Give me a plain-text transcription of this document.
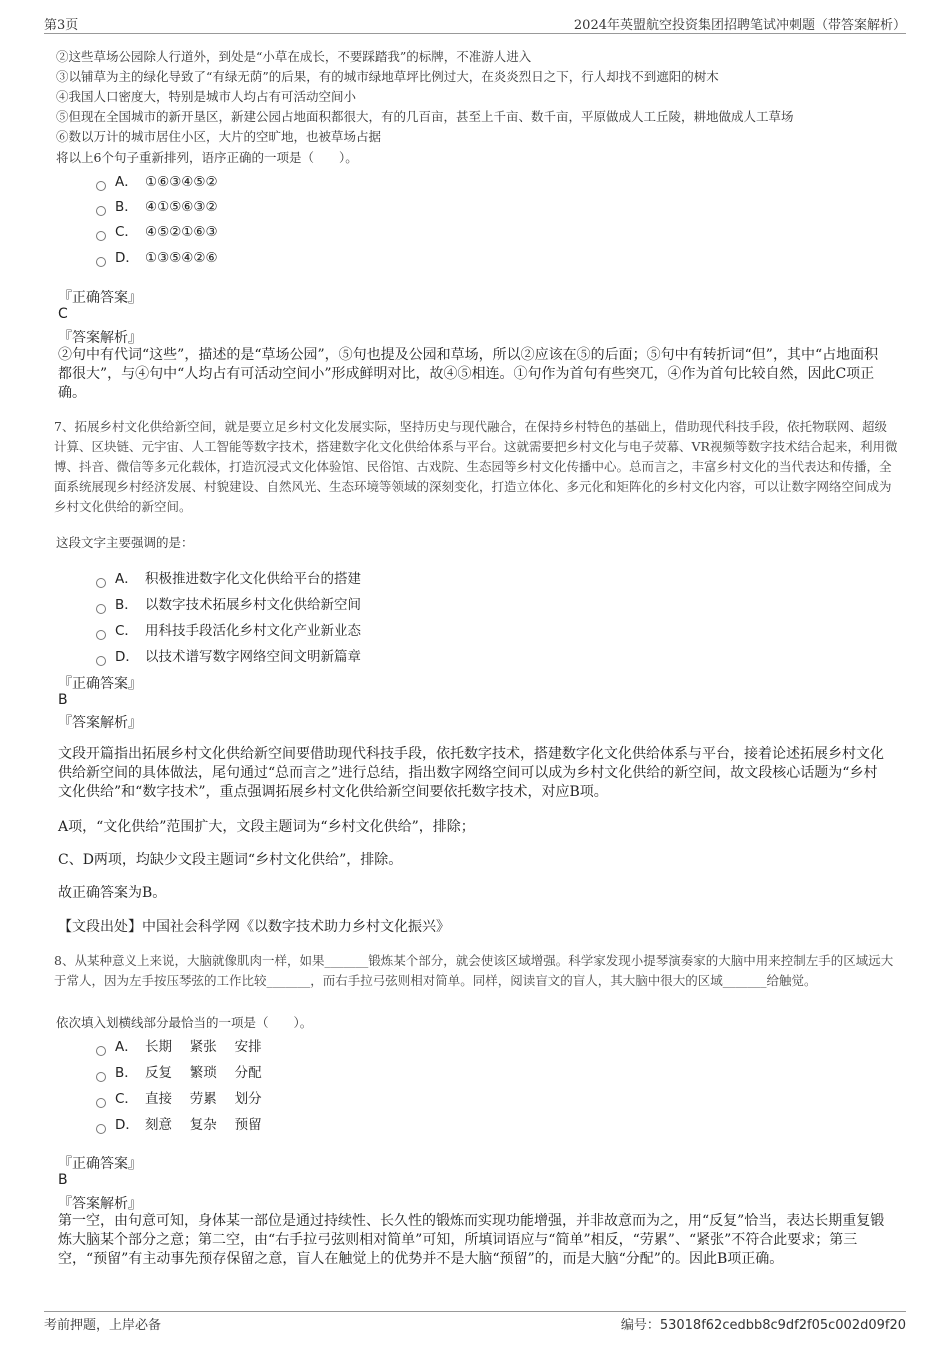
第3页	2024年英盟航空投资集团招聘笔试冲刺题（带答案解析）
②这些草场公园除人行道外，到处是“小草在成长，不要踩踏我”的标牌，不准游人进入
③以铺草为主的绿化导致了“有绿无荫”的后果，有的城市绿地草坪比例过大，在炎炎烈日之下，行人却找不到遮阳的树木
④我国人口密度大，特别是城市人均占有可活动空间小
⑤但现在全国城市的新开垦区，新建公园占地面积都很大，有的几百亩，甚至上千亩、数千亩，平原做成人工丘陵，耕地做成人工草场
⑥数以万计的城市居住小区，大片的空旷地，也被草场占据
将以上6个句子重新排列，语序正确的一项是（　　）。
A． ①⑥③④⑤②
B． ④①⑤⑥③②
C． ④⑤②①⑥③
D． ①③⑤④②⑥
『正确答案』
C
『答案解析』
②句中有代词“这些”，描述的是“草场公园”，⑤句也提及公园和草场，所以②应该在⑤的后面；⑤句中有转折词“但”，其中“占地面积都很大”，与④句中“人均占有可活动空间小”形成鲜明对比，故④⑤相连。①句作为首句有些突兀，④作为首句比较自然，因此C项正确。
7、拓展乡村文化供给新空间，就是要立足乡村文化发展实际，坚持历史与现代融合，在保持乡村特色的基础上，借助现代科技手段，依托物联网、超级计算、区块链、元宇宙、人工智能等数字技术，搭建数字化文化供给体系与平台。这就需要把乡村文化与电子荧幕、VR视频等数字技术结合起来，利用微博、抖音、微信等多元化载体，打造沉浸式文化体验馆、民俗馆、古戏院、生态园等乡村文化传播中心。总而言之，丰富乡村文化的当代表达和传播，全面系统展现乡村经济发展、村貌建设、自然风光、生态环境等领域的深刻变化，打造立体化、多元化和矩阵化的乡村文化内容，可以让数字网络空间成为乡村文化供给的新空间。
这段文字主要强调的是：
A． 积极推进数字化文化供给平台的搭建
B． 以数字技术拓展乡村文化供给新空间
C． 用科技手段活化乡村文化产业新业态
D． 以技术谱写数字网络空间文明新篇章
『正确答案』
B
『答案解析』
文段开篇指出拓展乡村文化供给新空间要借助现代科技手段，依托数字技术，搭建数字化文化供给体系与平台，接着论述拓展乡村文化供给新空间的具体做法，尾句通过“总而言之”进行总结，指出数字网络空间可以成为乡村文化供给的新空间，故文段核心话题为“乡村文化供给”和“数字技术”，重点强调拓展乡村文化供给新空间要依托数字技术，对应B项。
A项，“文化供给”范围扩大，文段主题词为“乡村文化供给”，排除；
C、D两项，均缺少文段主题词“乡村文化供给”，排除。
故正确答案为B。
【文段出处】中国社会科学网《以数字技术助力乡村文化振兴》
8、从某种意义上来说，大脑就像肌肉一样，如果_______锻炼某个部分，就会使该区域增强。科学家发现小提琴演奏家的大脑中用来控制左手的区域远大于常人，因为左手按压琴弦的工作比较_______，而右手拉弓弦则相对简单。同样，阅读盲文的盲人，其大脑中很大的区域_______给触觉。
依次填入划横线部分最恰当的一项是（　　）。
A． 长期　 紧张　 安排
B． 反复　 繁琐　 分配
C． 直接　 劳累　 划分
D． 刻意　 复杂　 预留
『正确答案』
B
『答案解析』
第一空，由句意可知，身体某一部位是通过持续性、长久性的锻炼而实现功能增强，并非故意而为之，用“反复”恰当，表达长期重复锻炼大脑某个部分之意；第二空，由“右手拉弓弦则相对简单”可知，所填词语应与“简单”相反，“劳累”、“紧张”不符合此要求；第三空，“预留”有主动事先预存保留之意，盲人在触觉上的优势并不是大脑“预留”的，而是大脑“分配”的。因此B项正确。
考前押题，上岸必备	编号：53018f62cedbb8c9df2f05c002d09f20
